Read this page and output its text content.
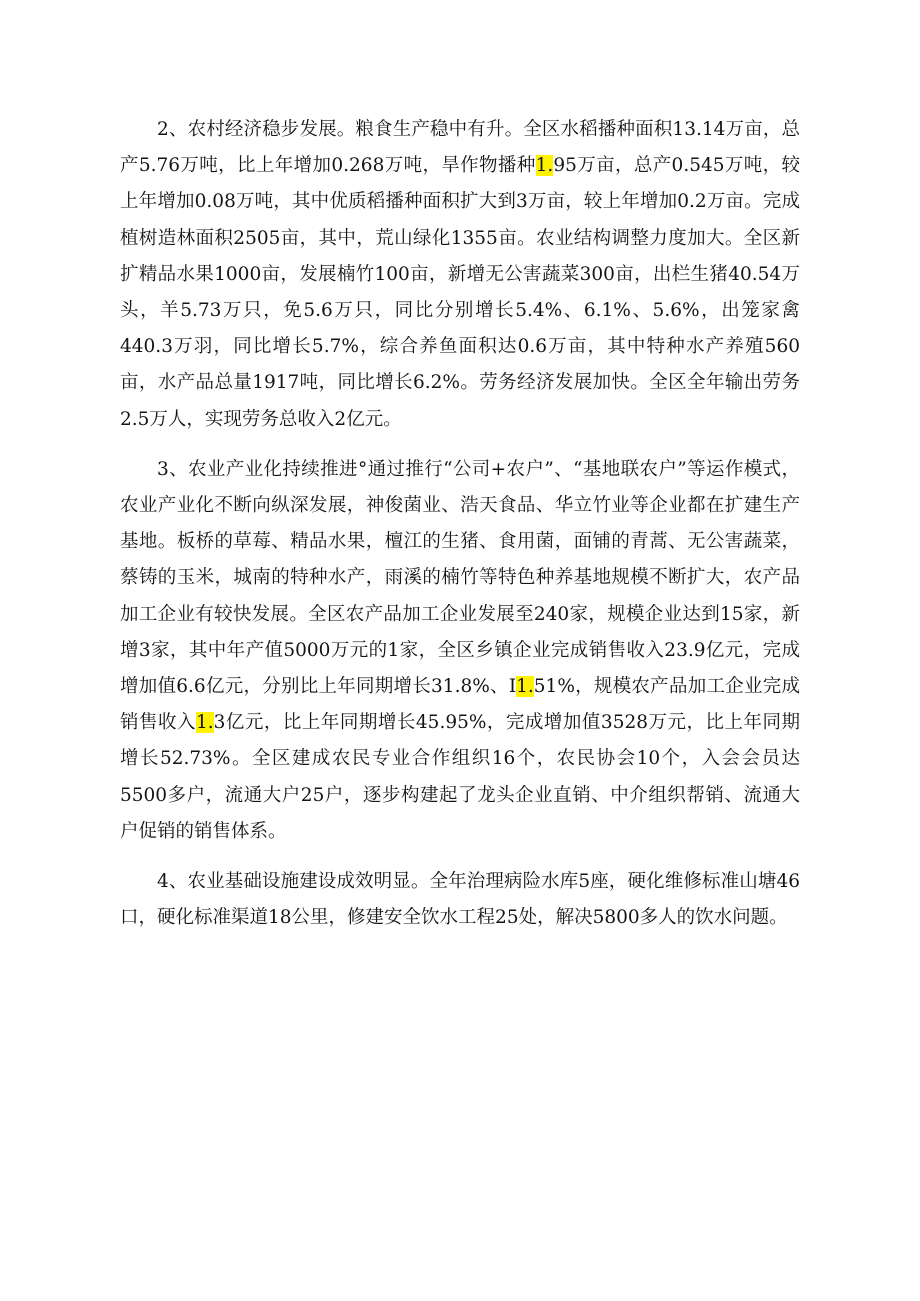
2、农村经济稳步发展。粮食生产稳中有升。全区水稻播种面积13.14万亩，总产5.76万吨，比上年增加0.268万吨，旱作物播种1.95万亩，总产0.545万吨，较上年增加0.08万吨，其中优质稻播种面积扩大到3万亩，较上年增加0.2万亩。完成植树造林面积2505亩，其中，荒山绿化1355亩。农业结构调整力度加大。全区新扩精品水果1000亩，发展楠竹100亩，新增无公害蔬菜300亩，出栏生猪40.54万头，羊5.73万只，免5.6万只，同比分别增长5.4%、6.1%、5.6%，出笼家禽440.3万羽，同比增长5.7%，综合养鱼面积达0.6万亩，其中特种水产养殖560亩，水产品总量1917吨，同比增长6.2%。劳务经济发展加快。全区全年输出劳务2.5万人，实现劳务总收入2亿元。

3、农业产业化持续推进°通过推行“公司+农户”、“基地联农户”等运作模式，农业产业化不断向纵深发展，神俊菌业、浩天食品、华立竹业等企业都在扩建生产基地。板桥的草莓、精品水果，檀江的生猪、食用菌，面铺的青蒿、无公害蔬菜，蔡铸的玉米，城南的特种水产，雨溪的楠竹等特色种养基地规模不断扩大，农产品加工企业有较快发展。全区农产品加工企业发展至240家，规模企业达到15家，新增3家，其中年产值5000万元的1家，全区乡镇企业完成销售收入23.9亿元，完成增加值6.6亿元，分别比上年同期增长31.8%、I1.51%，规模农产品加工企业完成销售收入1.3亿元，比上年同期增长45.95%，完成增加值3528万元，比上年同期增长52.73%。全区建成农民专业合作组织16个，农民协会10个，入会会员达5500多户，流通大户25户，逐步构建起了龙头企业直销、中介组织帮销、流通大户促销的销售体系。

4、农业基础设施建设成效明显。全年治理病险水库5座，硬化维修标准山塘46口，硬化标准渠道18公里，修建安全饮水工程25处，解决5800多人的饮水问题。
